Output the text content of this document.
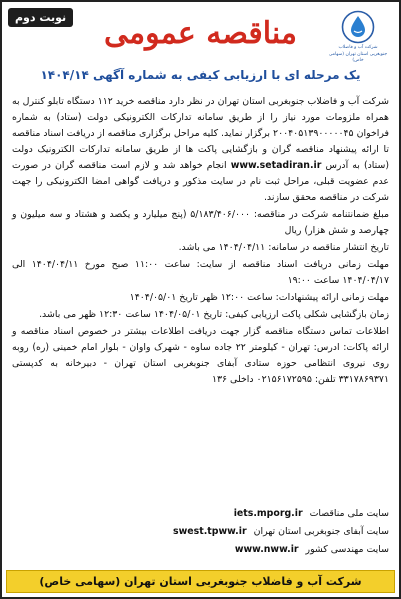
نوبت دوم
شرکت آب و فاضلاب
جنوبغربی استان تهران (سهامی خاص)
مناقصه عمومی
یک مرحله ای با ارزیابی کیفی به شماره آگهی ۱۴۰۴/۱۴

شرکت آب و فاضلاب جنوبغربی استان تهران در نظر دارد مناقصه خرید ۱۱۲ دستگاه تابلو کنترل به همراه ملزومات مورد نیاز را از طریق سامانه تدارکات الکترونیکی دولت (ستاد) به شماره فراخوان ۲۰۰۴۰۵۱۳۹۰۰۰۰۰۴۵ برگزار نماید. کلیه مراحل برگزاری مناقصه از دریافت اسناد مناقصه تا ارائه پیشنهاد مناقصه گران و بازگشایی پاکت ها از طریق سامانه تدارکات الکترونیک دولت (ستاد) به آدرس www.setadiran.ir انجام خواهد شد و لازم است مناقصه گران در صورت عدم عضویت قبلی، مراحل ثبت نام در سایت مذکور و دریافت گواهی امضا الکترونیکی را جهت شرکت در مناقصه محقق سازند.

مبلغ ضمانتنامه شرکت در مناقصه: ۵/۱۸۳/۴۰۶/۰۰۰ (پنج میلیارد و یکصد و هشتاد و سه میلیون و چهارصد و شش هزار) ریال

تاریخ انتشار مناقصه در سامانه: ۱۴۰۴/۰۴/۱۱ می باشد.

مهلت زمانی دریافت اسناد مناقصه از سایت: ساعت ۱۱:۰۰ صبح مورخ ۱۴۰۴/۰۴/۱۱ الی ۱۴۰۴/۰۴/۱۷ ساعت ۱۹:۰۰

مهلت زمانی ارائه پیشنهادات: ساعت ۱۲:۰۰ ظهر تاریخ ۱۴۰۴/۰۵/۰۱

زمان بازگشایی شکلی پاکت ارزیابی کیفی: تاریخ ۱۴۰۴/۰۵/۰۱ ساعت ۱۲:۳۰ ظهر می باشد.

اطلاعات تماس دستگاه مناقصه گزار جهت دریافت اطلاعات بیشتر در خصوص اسناد مناقصه و ارائه پاکات: ادرس: تهران - کیلومتر ۲۲ جاده ساوه - شهرک واوان - بلوار امام خمینی (ره) روبه روی نیروی انتظامی حوزه ستادی آبفای جنوبغربی استان تهران - دبیرخانه به کدپستی ۳۳۱۷۸۶۹۳۷۱ تلفن: ۰۲۱۵۶۱۷۲۵۹۵ داخلی ۱۳۶

سایت ملی مناقصات iets.mporg.ir
سایت آبفای جنوبغربی استان تهران swest.tpww.ir
سایت مهندسی کشور www.nww.ir
شرکت آب و فاضلاب جنوبغربی استان تهران (سهامی خاص)
